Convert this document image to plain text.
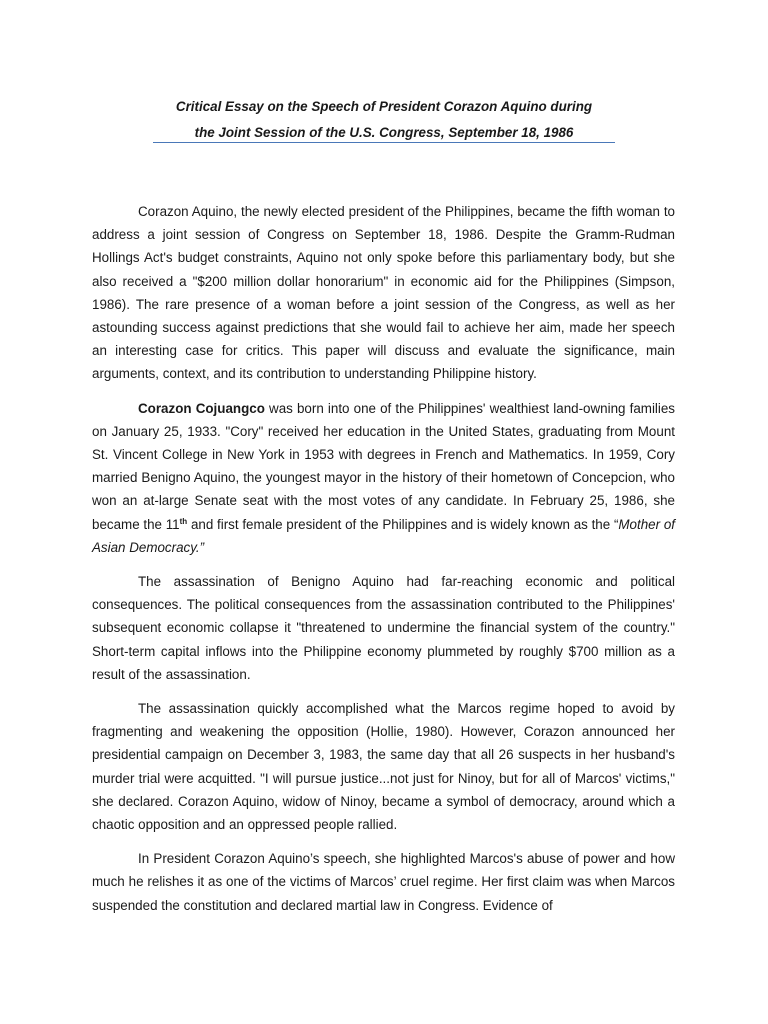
Critical Essay on the Speech of President Corazon Aquino during
the Joint Session of the U.S. Congress, September 18, 1986

Corazon Aquino, the newly elected president of the Philippines, became the fifth woman to address a joint session of Congress on September 18, 1986. Despite the Gramm-Rudman Hollings Act's budget constraints, Aquino not only spoke before this parliamentary body, but she also received a "$200 million dollar honorarium" in economic aid for the Philippines (Simpson, 1986). The rare presence of a woman before a joint session of the Congress, as well as her astounding success against predictions that she would fail to achieve her aim, made her speech an interesting case for critics. This paper will discuss and evaluate the significance, main arguments, context, and its contribution to understanding Philippine history.

Corazon Cojuangco was born into one of the Philippines' wealthiest land-owning families on January 25, 1933. "Cory" received her education in the United States, graduating from Mount St. Vincent College in New York in 1953 with degrees in French and Mathematics. In 1959, Cory married Benigno Aquino, the youngest mayor in the history of their hometown of Concepcion, who won an at-large Senate seat with the most votes of any candidate. In February 25, 1986, she became the 11th and first female president of the Philippines and is widely known as the “Mother of Asian Democracy.”

The assassination of Benigno Aquino had far-reaching economic and political consequences. The political consequences from the assassination contributed to the Philippines' subsequent economic collapse it "threatened to undermine the financial system of the country." Short-term capital inflows into the Philippine economy plummeted by roughly $700 million as a result of the assassination.

The assassination quickly accomplished what the Marcos regime hoped to avoid by fragmenting and weakening the opposition (Hollie, 1980). However, Corazon announced her presidential campaign on December 3, 1983, the same day that all 26 suspects in her husband's murder trial were acquitted. "I will pursue justice...not just for Ninoy, but for all of Marcos' victims," she declared. Corazon Aquino, widow of Ninoy, became a symbol of democracy, around which a chaotic opposition and an oppressed people rallied.

In President Corazon Aquino’s speech, she highlighted Marcos's abuse of power and how much he relishes it as one of the victims of Marcos’ cruel regime. Her first claim was when Marcos suspended the constitution and declared martial law in Congress. Evidence of
